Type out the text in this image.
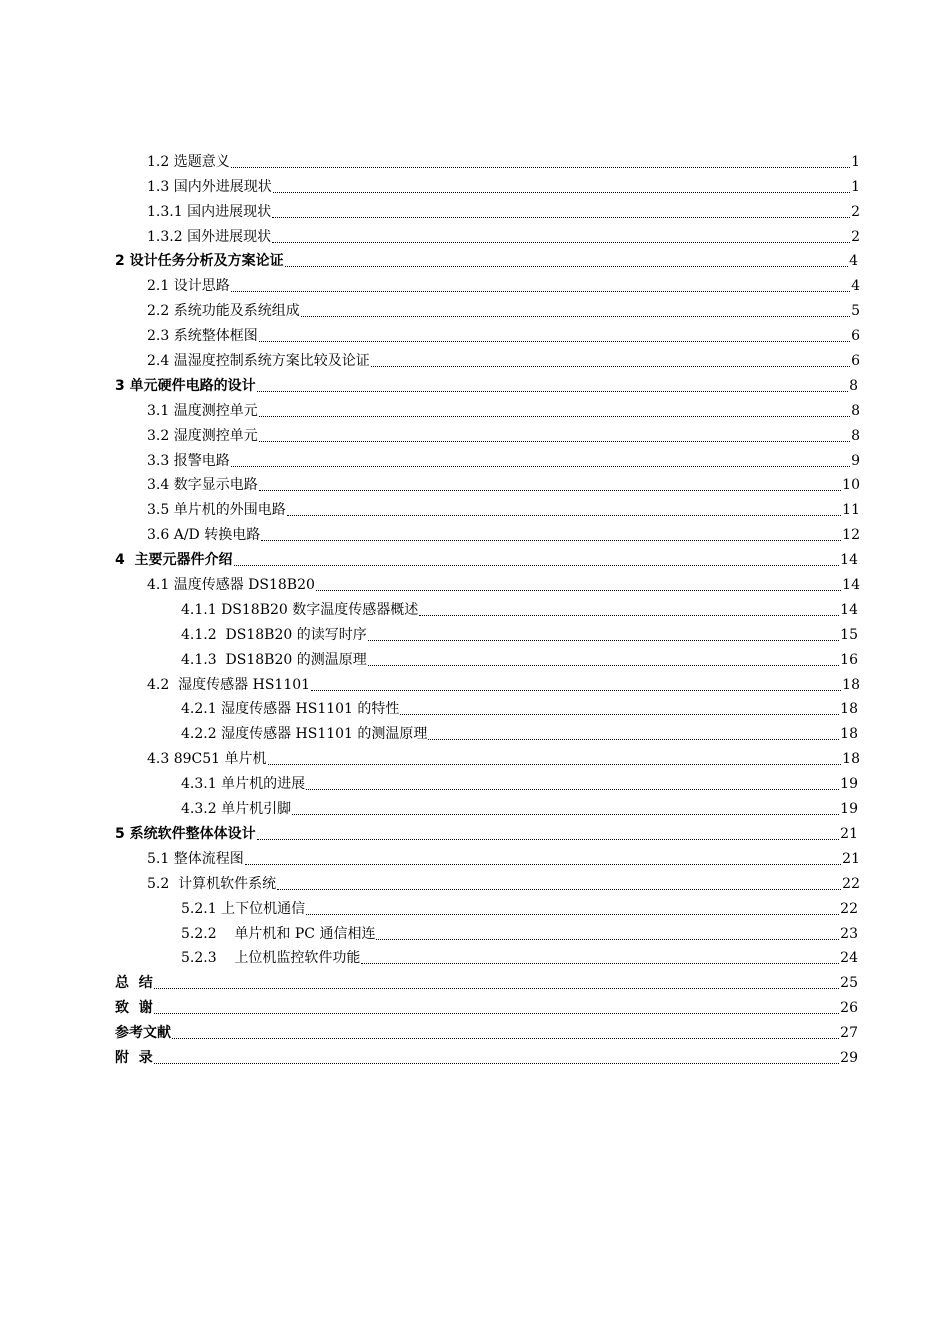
1.2 选题意义	1
1.3 国内外进展现状	1
1.3.1 国内进展现状	2
1.3.2 国外进展现状	2
2 设计任务分析及方案论证	4
2.1 设计思路	4
2.2 系统功能及系统组成	5
2.3 系统整体框图	6
2.4 温湿度控制系统方案比较及论证	6
3 单元硬件电路的设计	8
3.1 温度测控单元	8
3.2 湿度测控单元	8
3.3 报警电路	9
3.4 数字显示电路	10
3.5 单片机的外围电路	11
3.6 A/D 转换电路	12
4  主要元器件介绍	14
4.1 温度传感器 DS18B20	14
4.1.1 DS18B20 数字温度传感器概述	14
4.1.2  DS18B20 的读写时序	15
4.1.3  DS18B20 的测温原理	16
4.2  湿度传感器 HS1101	18
4.2.1 湿度传感器 HS1101 的特性	18
4.2.2 湿度传感器 HS1101 的测温原理	18
4.3 89C51 单片机	18
4.3.1 单片机的进展	19
4.3.2 单片机引脚	19
5 系统软件整体体设计	21
5.1 整体流程图	21
5.2  计算机软件系统	22
5.2.1 上下位机通信	22
5.2.2    单片机和 PC 通信相连	23
5.2.3    上位机监控软件功能	24
总  结	25
致  谢	26
参考文献	27
附  录	29
